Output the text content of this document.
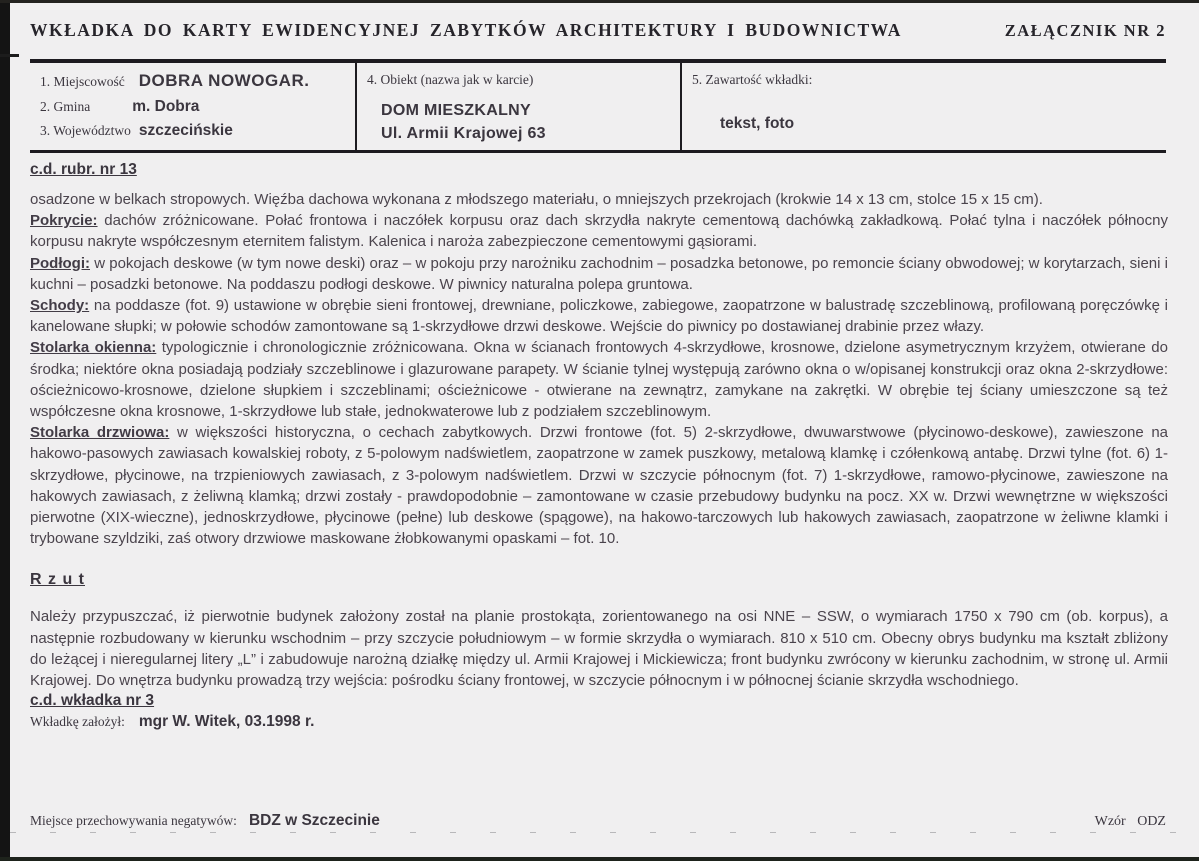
WKŁADKA DO KARTY EWIDENCYJNEJ ZABYTKÓW ARCHITEKTURY I BUDOWNICTWA	ZAŁĄCZNIK NR 2
1. Miejscowość DOBRA NOWOGAR.
2. Gmina	m. Dobra
3. Województwo szczecińskie
4. Obiekt (nazwa jak w karcie)
DOM MIESZKALNY
Ul. Armii Krajowej 63
5. Zawartość wkładki:
tekst, foto
c.d. rubr. nr 13

osadzone w belkach stropowych. Więźba dachowa wykonana z młodszego materiału, o mniejszych przekrojach (krokwie 14 x 13 cm, stolce 15 x 15 cm).

Pokrycie: dachów zróżnicowane. Połać frontowa i naczółek korpusu oraz dach skrzydła nakryte cementową dachówką zakładkową. Połać tylna i naczółek północny korpusu nakryte współczesnym eternitem falistym. Kalenica i naroża zabezpieczone cementowymi gąsiorami.

Podłogi: w pokojach deskowe (w tym nowe deski) oraz – w pokoju przy narożniku zachodnim – posadzka betonowe, po remoncie ściany obwodowej; w korytarzach, sieni i kuchni – posadzki betonowe. Na poddaszu podłogi deskowe. W piwnicy naturalna polepa gruntowa.

Schody: na poddasze (fot. 9) ustawione w obrębie sieni frontowej, drewniane, policzkowe, zabiegowe, zaopatrzone w balustradę szczeblinową, profilowaną poręczówkę i kanelowane słupki; w połowie schodów zamontowane są 1-skrzydłowe drzwi deskowe. Wejście do piwnicy po dostawianej drabinie przez włazy.

Stolarka okienna: typologicznie i chronologicznie zróżnicowana. Okna w ścianach frontowych 4-skrzydłowe, krosnowe, dzielone asymetrycznym krzyżem, otwierane do środka; niektóre okna posiadają podziały szczeblinowe i glazurowane parapety. W ścianie tylnej występują zarówno okna o w/opisanej konstrukcji oraz okna 2-skrzydłowe: ościeżnicowo-krosnowe, dzielone słupkiem i szczeblinami; ościeżnicowe - otwierane na zewnątrz, zamykane na zakrętki. W obrębie tej ściany umieszczone są też współczesne okna krosnowe, 1-skrzydłowe lub stałe, jednokwaterowe lub z podziałem szczeblinowym.

Stolarka drzwiowa: w większości historyczna, o cechach zabytkowych. Drzwi frontowe (fot. 5) 2-skrzydłowe, dwuwarstwowe (płycinowo-deskowe), zawieszone na hakowo-pasowych zawiasach kowalskiej roboty, z 5-polowym nadświetlem, zaopatrzone w zamek puszkowy, metalową klamkę i czółenkową antabę. Drzwi tylne (fot. 6) 1-skrzydłowe, płycinowe, na trzpieniowych zawiasach, z 3-polowym nadświetlem. Drzwi w szczycie północnym (fot. 7) 1-skrzydłowe, ramowo-płycinowe, zawieszone na hakowych zawiasach, z żeliwną klamką; drzwi zostały - prawdopodobnie – zamontowane w czasie przebudowy budynku na pocz. XX w. Drzwi wewnętrzne w większości pierwotne (XIX-wieczne), jednoskrzydłowe, płycinowe (pełne) lub deskowe (spągowe), na hakowo-tarczowych lub hakowych zawiasach, zaopatrzone w żeliwne klamki i trybowane szyldziki, zaś otwory drzwiowe maskowane żłobkowanymi opaskami – fot. 10.

R z u t

Należy przypuszczać, iż pierwotnie budynek założony został na planie prostokąta, zorientowanego na osi NNE – SSW, o wymiarach 1750 x 790 cm (ob. korpus), a następnie rozbudowany w kierunku wschodnim – przy szczycie południowym – w formie skrzydła o wymiarach. 810 x 510 cm. Obecny obrys budynku ma kształt zbliżony do leżącej i nieregularnej litery „L” i zabudowuje narożną działkę między ul. Armii Krajowej i Mickiewicza; front budynku zwrócony w kierunku zachodnim, w stronę ul. Armii Krajowej. Do wnętrza budynku prowadzą trzy wejścia: pośrodku ściany frontowej, w szczycie północnym i w północnej ścianie skrzydła wschodniego.

c.d. wkładka nr 3
Wkładkę założył: mgr W. Witek, 03.1998 r.
Miejsce przechowywania negatywów: BDZ w Szczecinie	Wzór ODZ
